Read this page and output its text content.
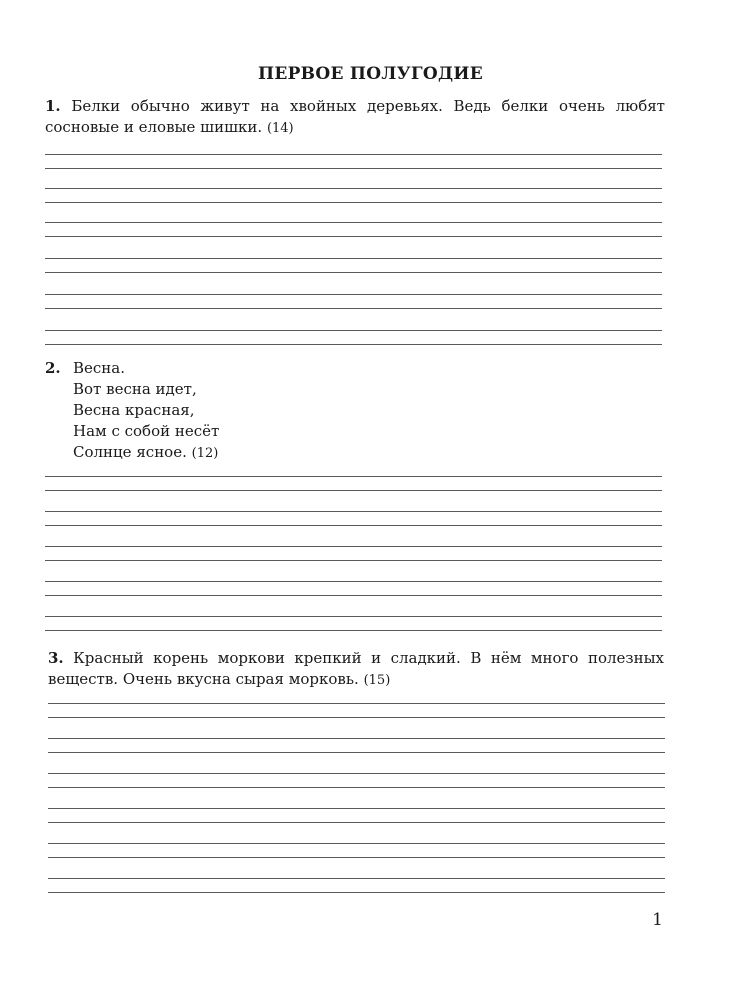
ПЕРВОЕ ПОЛУГОДИЕ
1. Белки обычно живут на хвойных деревьях. Ведь белки очень любят сосновые и еловые шишки. (14)
2. Весна.
Вот весна идет,
Весна красная,
Нам с собой несёт
Солнце ясное. (12)
3. Красный корень моркови крепкий и сладкий. В нём много полезных веществ. Очень вкусна сырая морковь. (15)
1
